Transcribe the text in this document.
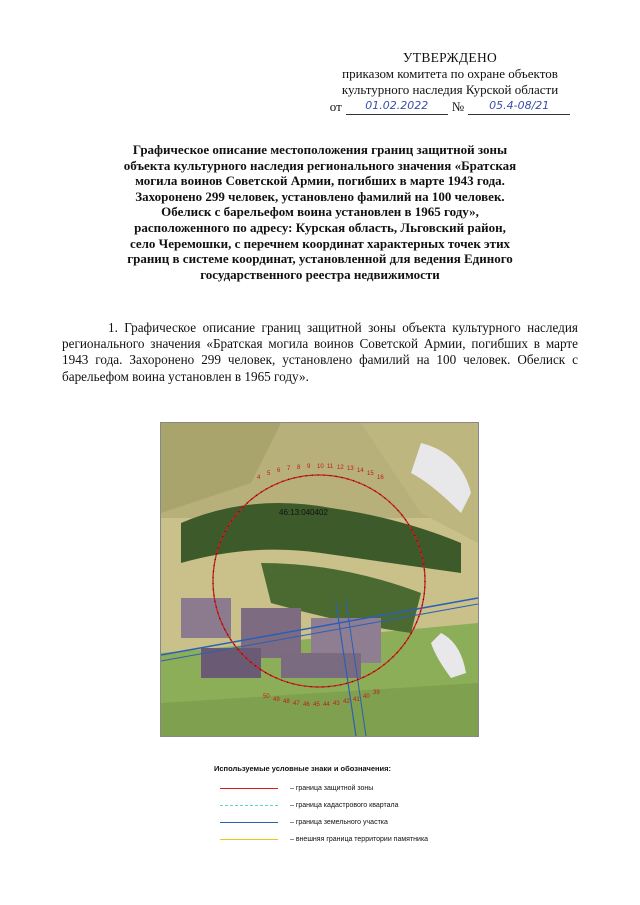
УТВЕРЖДЕНО
приказом комитета по охране объектов
культурного наследия Курской области
от	01.02.2022	№	05.4-08/21
Графическое описание местоположения границ защитной зоны
объекта культурного наследия регионального значения «Братская
могила воинов Советской Армии, погибших в марте 1943 года.
Захоронено 299 человек, установлено фамилий на 100 человек.
Обелиск с барельефом воина установлен в 1965 году»,
расположенного по адресу: Курская область, Льговский район,
село Черемошки, с перечнем координат характерных точек этих
границ в системе координат, установленной для ведения Единого
государственного реестра недвижимости
1. Графическое описание границ защитной зоны объекта культурного наследия регионального значения «Братская могила воинов Советской Армии, погибших в марте 1943 года. Захоронено 299 человек, установлено фамилий на 100 человек. Обелиск с барельефом воина установлен в 1965 году».
4
5 6 7 8 9 10 11 12 13 14 15
16
50 49 48 47 46 45 44 43 42 41 40
39
46:13:040402
Используемые условные знаки и обозначения:
– граница защитной зоны
– граница кадастрового квартала
– граница земельного участка
– внешняя граница территории памятника
